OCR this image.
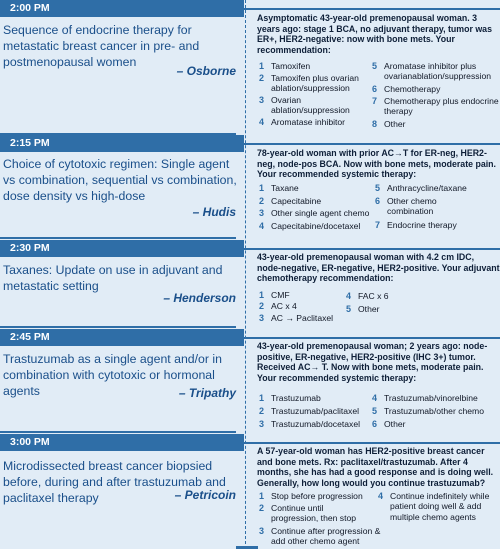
2:00 PM
Sequence of endocrine therapy for metastatic breast cancer in pre- and postmenopausal women
– Osborne
Asymptomatic 43-year-old premenopausal woman. 3 years ago: stage 1 BCA, no adjuvant therapy, tumor was ER+, HER2-negative: now with bone mets. Your recommendation:
1 Tamoxifen
2 Tamoxifen plus ovarian ablation/suppression
3 Ovarian ablation/suppression
4 Aromatase inhibitor
5 Aromatase inhibitor plus ovarianablation/suppression
6 Chemotherapy
7 Chemotherapy plus endocrine therapy
8 Other
2:15 PM
Choice of cytotoxic regimen: Single agent vs combination, sequential vs combination, dose density vs high-dose
– Hudis
78-year-old woman with prior AC→T for ER-neg, HER2-neg, node-pos BCA. Now with bone mets, moderate pain. Your recommended systemic therapy:
1 Taxane
2 Capecitabine
3 Other single agent chemo
4 Capecitabine/docetaxel
5 Anthracycline/taxane
6 Other chemo combination
7 Endocrine therapy
2:30 PM
Taxanes: Update on use in adjuvant and metastatic setting
– Henderson
43-year-old premenopausal woman with 4.2 cm IDC, node-negative, ER-negative, HER2-positive. Your adjuvant chemotherapy recommendation:
1 CMF
2 AC x 4
3 AC → Paclitaxel
4 FAC x 6
5 Other
2:45 PM
Trastuzumab as a single agent and/or in combination with cytotoxic or hormonal agents	– Tripathy
43-year-old premenopausal woman; 2 years ago: node-positive, ER-negative, HER2-positive (IHC 3+) tumor. Received AC→ T. Now with bone mets, moderate pain. Your recommended systemic therapy:
1 Trastuzumab
2 Trastuzumab/paclitaxel
3 Trastuzumab/docetaxel
4 Trastuzumab/vinorelbine
5 Trastuzumab/other chemo
6 Other
3:00 PM
Microdissected breast cancer biopsied before, during and after trastuzumab and paclitaxel therapy	– Petricoin
A 57-year-old woman has HER2-positive breast cancer and bone mets. Rx: paclitaxel/trastuzumab. After 4 months, she has had a good response and is doing well. Generally, how long would you continue trastuzumab?
1 Stop before progression
2 Continue until progression, then stop
3 Continue after progression & add other chemo agent
4 Continue indefinitely while patient doing well & add multiple chemo agents
